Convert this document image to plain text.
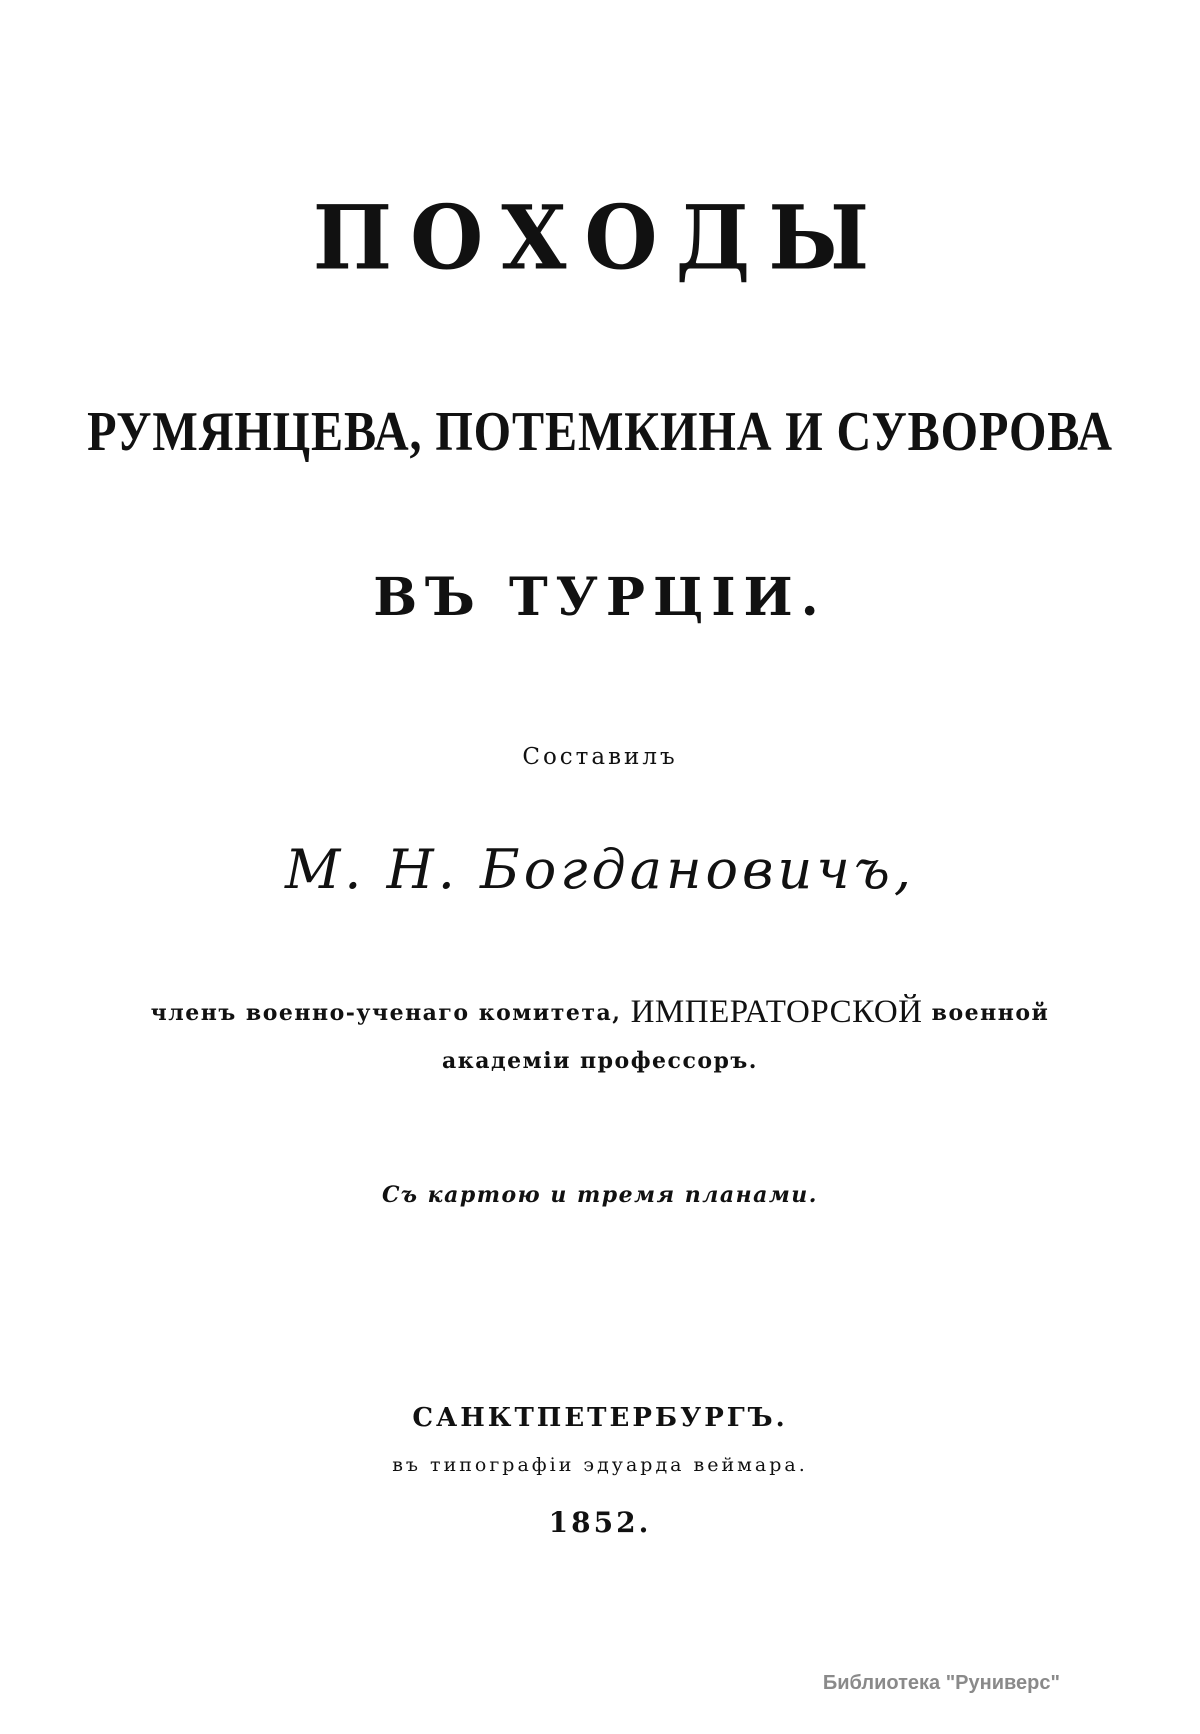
ПОХОДЫ
РУМЯНЦЕВА, ПОТЕМКИНА И СУВОРОВА
ВЪ ТУРЦІИ.
Составилъ
М. Н. Богдановичъ,
членъ военно-ученаго комитета, ИМПЕРАТОРСКОЙ военной
академіи профессоръ.
Съ картою и тремя планами.
САНКТПЕТЕРБУРГЪ.
въ типографіи эдуарда веймара.
1852.
Библиотека "Руниверс"
